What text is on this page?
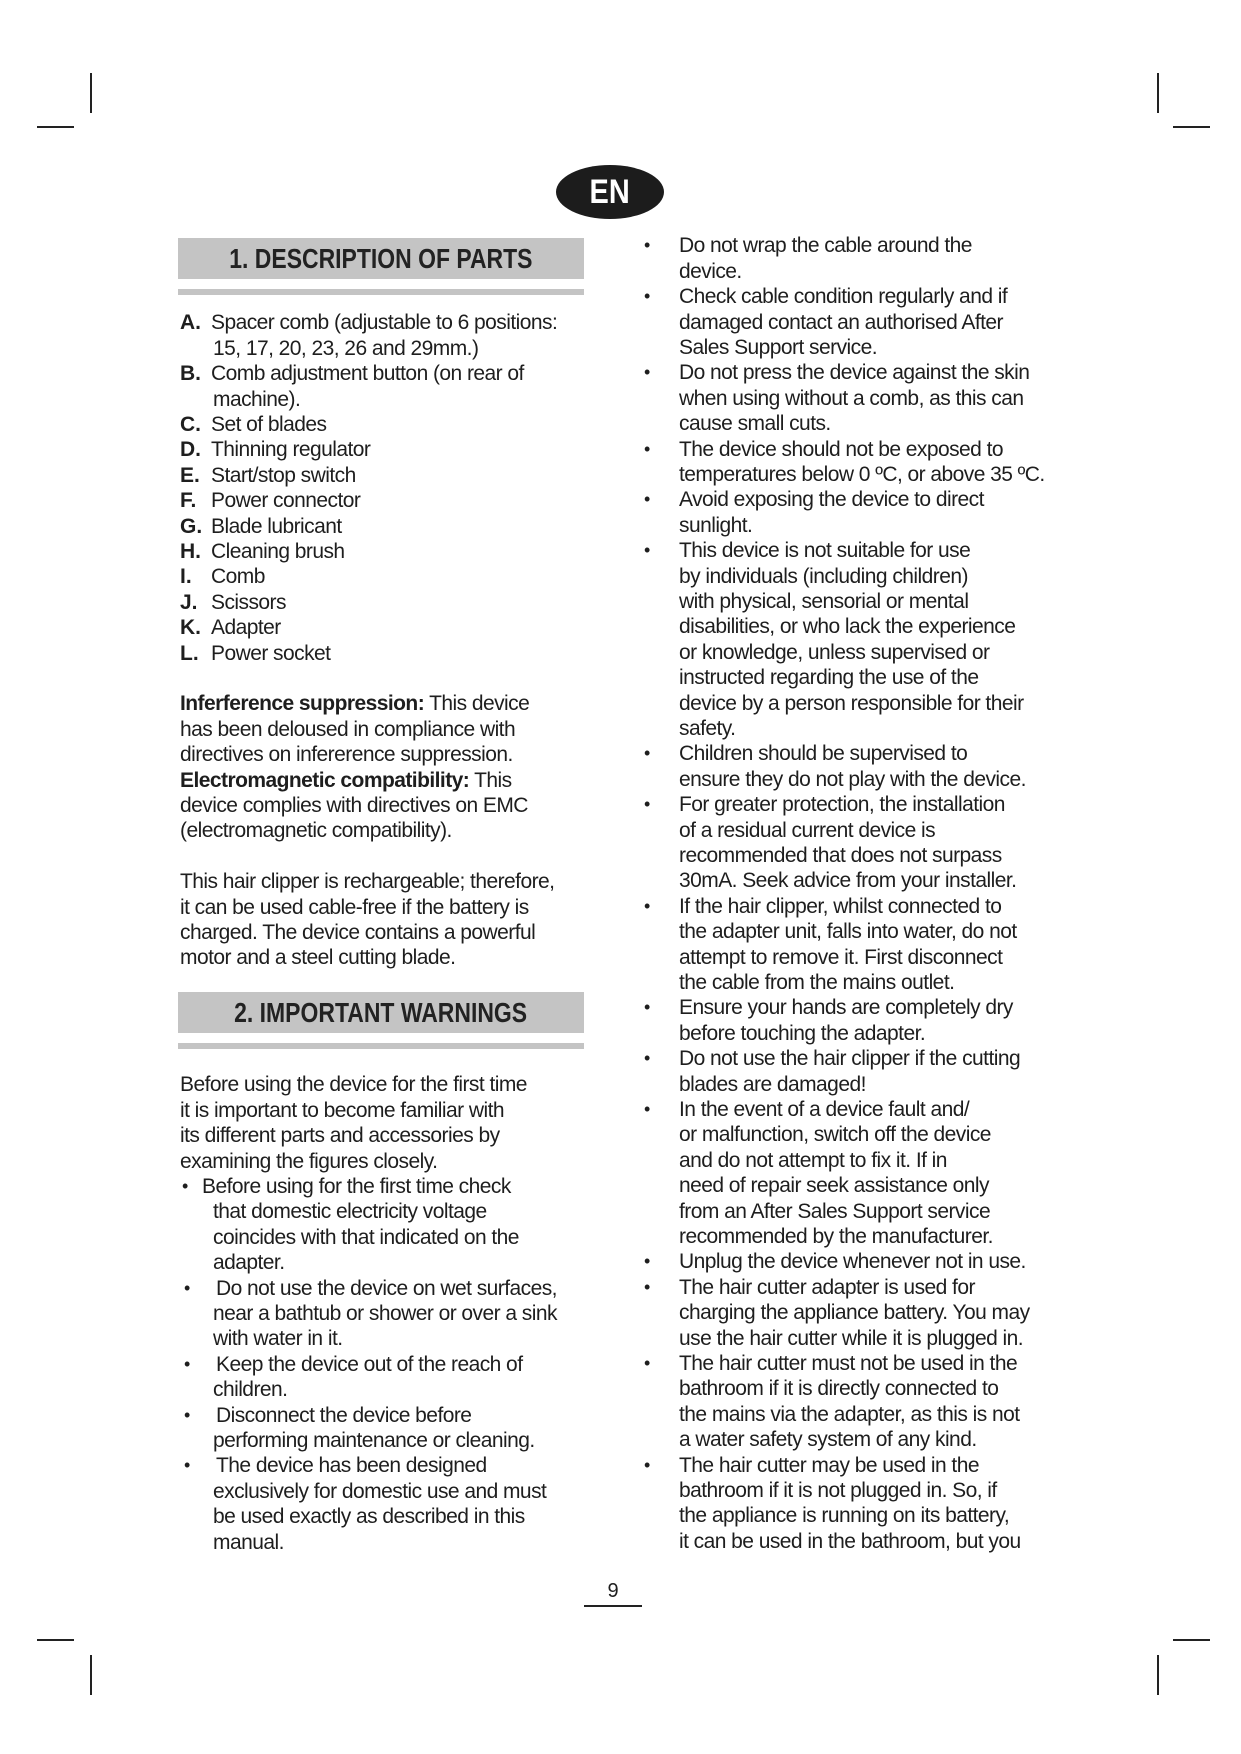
EN
1. DESCRIPTION OF PARTS
2. IMPORTANT WARNINGS
A. Spacer comb (adjustable to 6 positions:
15, 17, 20, 23, 26 and 29mm.)
B. Comb adjustment button (on rear of
machine).
C. Set of blades
D. Thinning regulator
E. Start/stop switch
F. Power connector
G. Blade lubricant
H. Cleaning brush
I. Comb
J. Scissors
K. Adapter
L. Power socket
Inferference suppression: This device
has been deloused in compliance with
directives on infererence suppression.
Electromagnetic compatibility: This
device complies with directives on EMC
(electromagnetic compatibility).
This hair clipper is rechargeable; therefore,
it can be used cable-free if the battery is
charged. The device contains a powerful
motor and a steel cutting blade.
Before using the device for the first time
it is important to become familiar with
its different parts and accessories by
examining the figures closely.
• Before using for the first time check
that domestic electricity voltage
coincides with that indicated on the
adapter.
• Do not use the device on wet surfaces,
near a bathtub or shower or over a sink
with water in it.
• Keep the device out of the reach of
children.
• Disconnect the device before
performing maintenance or cleaning.
• The device has been designed
exclusively for domestic use and must
be used exactly as described in this
manual.
• Do not wrap the cable around the
device.
• Check cable condition regularly and if
damaged contact an authorised After
Sales Support service.
• Do not press the device against the skin
when using without a comb, as this can
cause small cuts.
• The device should not be exposed to
temperatures below 0 ºC, or above 35 ºC.
• Avoid exposing the device to direct
sunlight.
• This device is not suitable for use
by individuals (including children)
with physical, sensorial or mental
disabilities, or who lack the experience
or knowledge, unless supervised or
instructed regarding the use of the
device by a person responsible for their
safety.
• Children should be supervised to
ensure they do not play with the device.
• For greater protection, the installation
of a residual current device is
recommended that does not surpass
30mA. Seek advice from your installer.
• If the hair clipper, whilst connected to
the adapter unit, falls into water, do not
attempt to remove it. First disconnect
the cable from the mains outlet.
• Ensure your hands are completely dry
before touching the adapter.
• Do not use the hair clipper if the cutting
blades are damaged!
• In the event of a device fault and/
or malfunction, switch off the device
and do not attempt to fix it. If in
need of repair seek assistance only
from an After Sales Support service
recommended by the manufacturer.
• Unplug the device whenever not in use.
• The hair cutter adapter is used for
charging the appliance battery. You may
use the hair cutter while it is plugged in.
• The hair cutter must not be used in the
bathroom if it is directly connected to
the mains via the adapter, as this is not
a water safety system of any kind.
• The hair cutter may be used in the
bathroom if it is not plugged in. So, if
the appliance is running on its battery,
it can be used in the bathroom, but you
9
